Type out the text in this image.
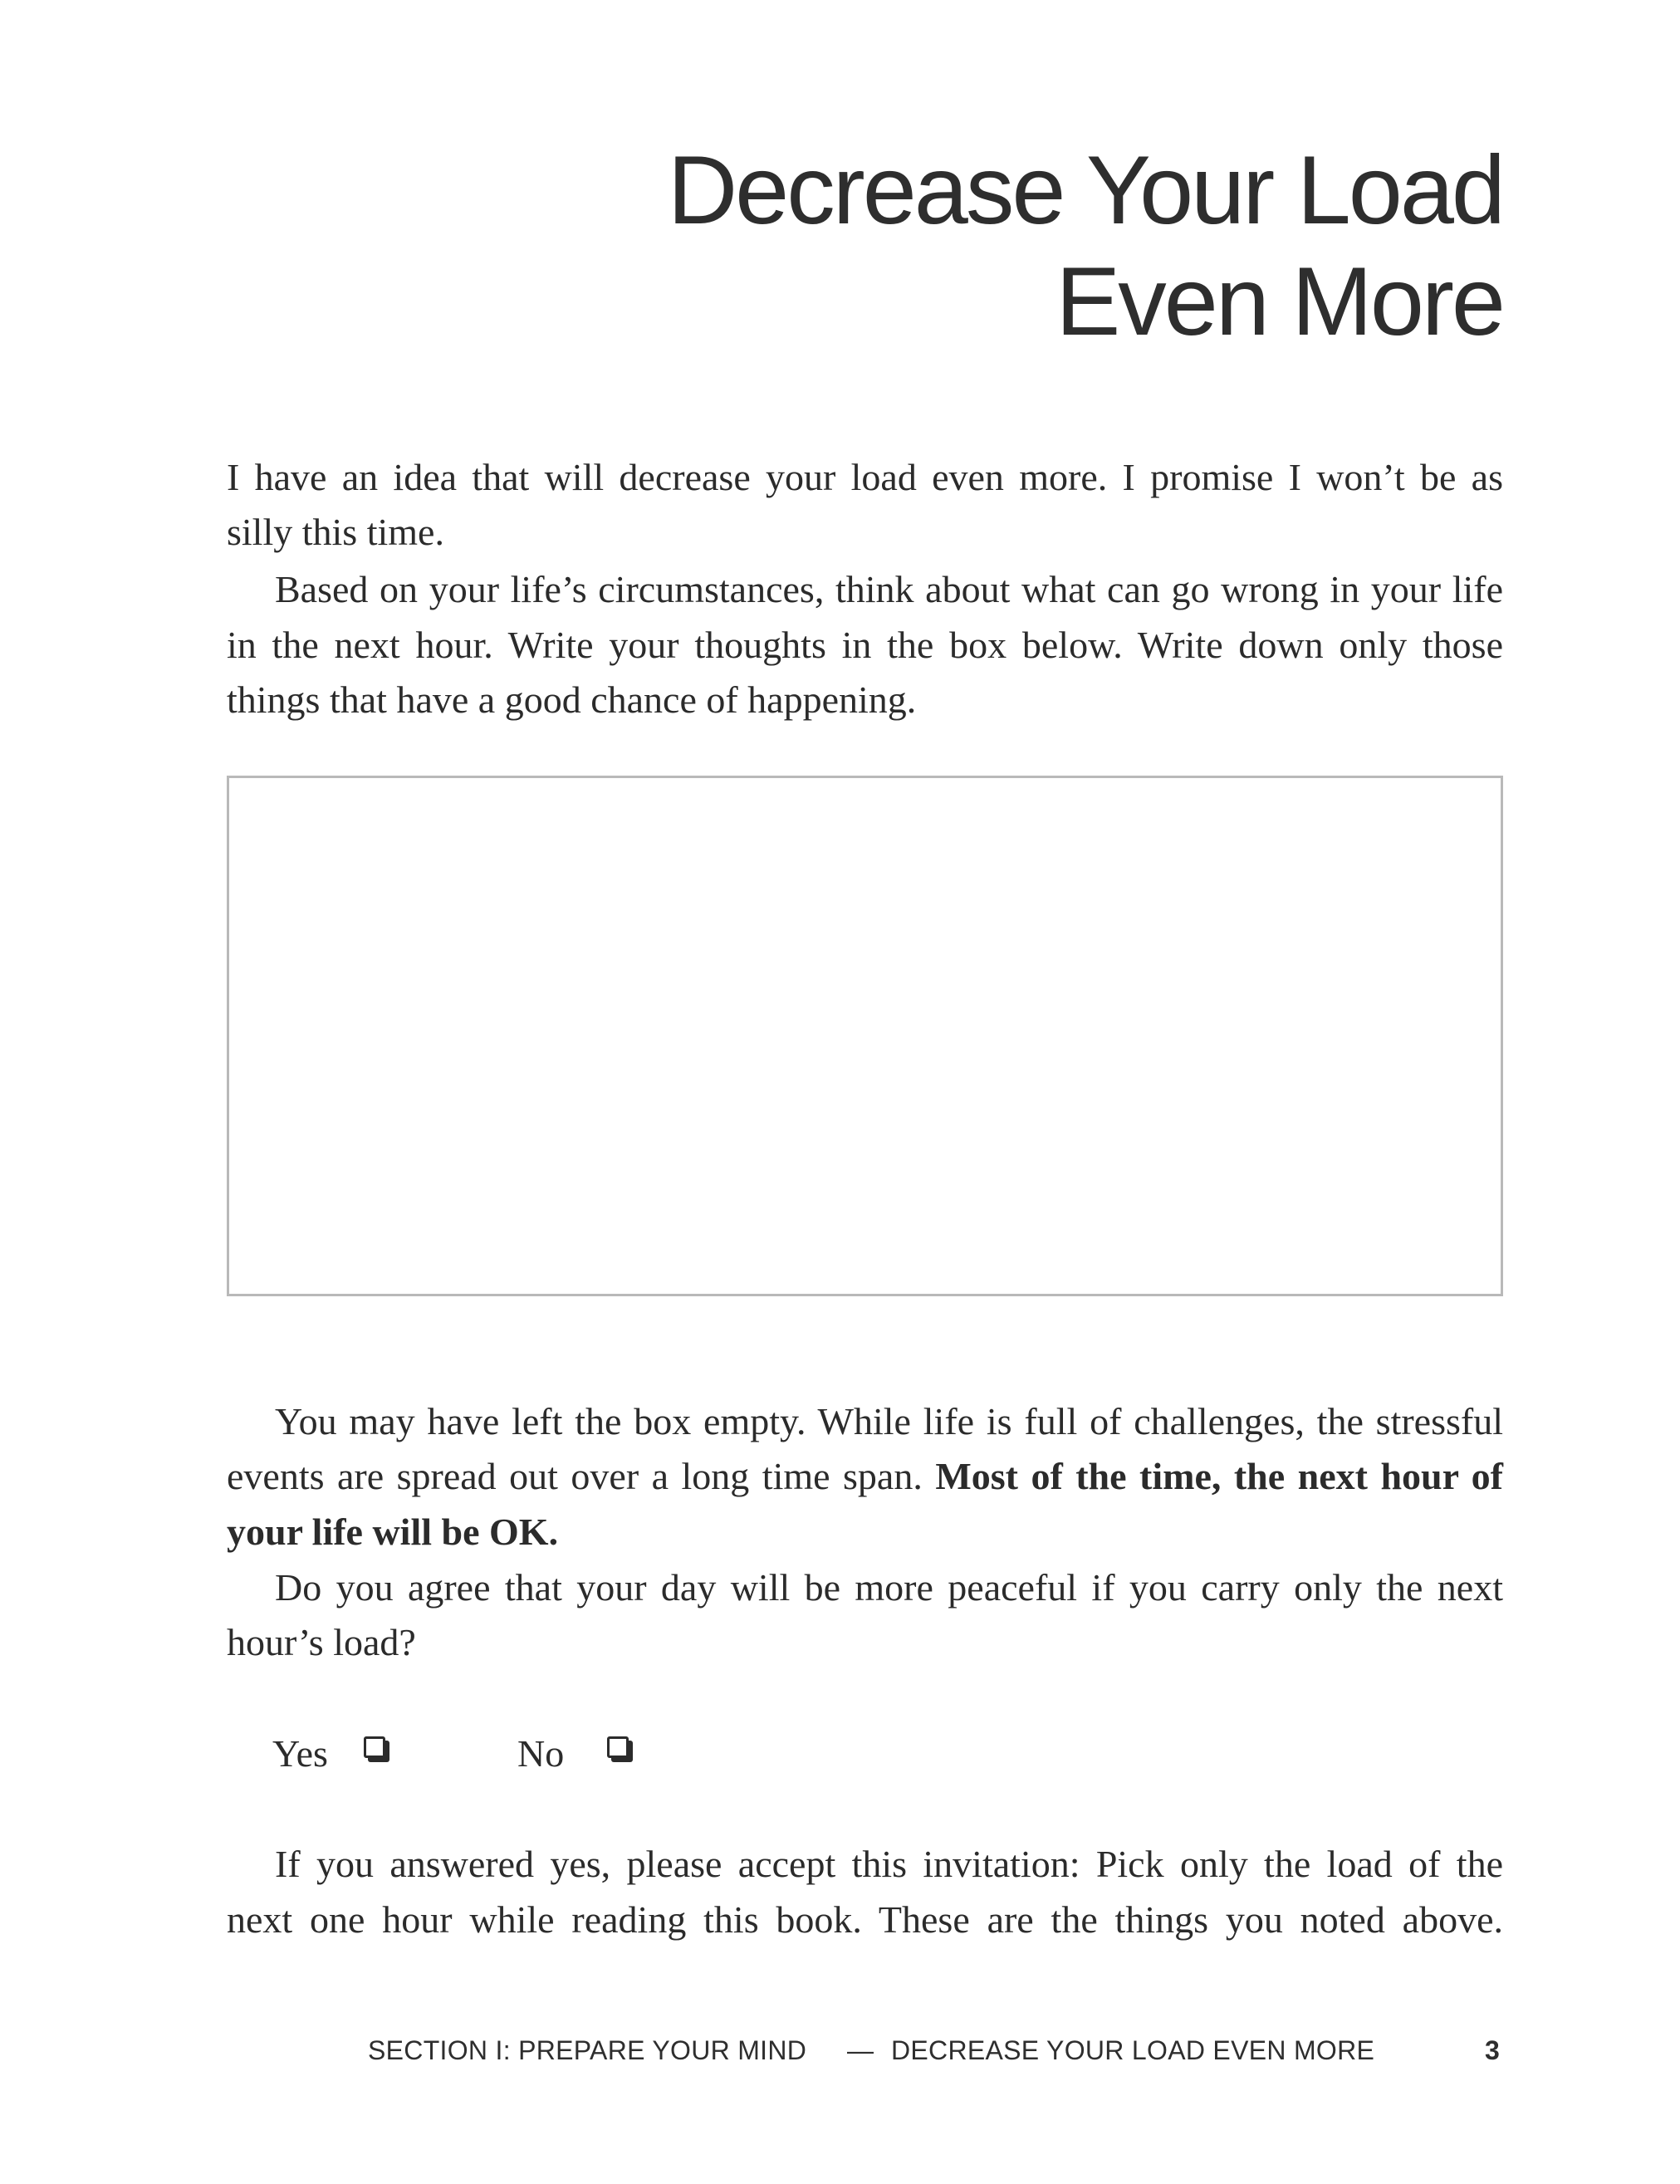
Decrease Your Load
Even More
I have an idea that will decrease your load even more. I promise I won’t be as
silly this time.
Based on your life’s circumstances, think about what can go wrong in your life
in the next hour. Write your thoughts in the box below. Write down only those
things that have a good chance of happening.
You may have left the box empty. While life is full of challenges, the stressful
events are spread out over a long time span. Most of the time, the next hour of
your life will be OK.
Do you agree that your day will be more peaceful if you carry only the next
hour’s load?
Yes	No
If you answered yes, please accept this invitation: Pick only the load of the
next one hour while reading this book. These are the things you noted above.
SECTION I: PREPARE YOUR MIND — DECREASE YOUR LOAD EVEN MORE	3
